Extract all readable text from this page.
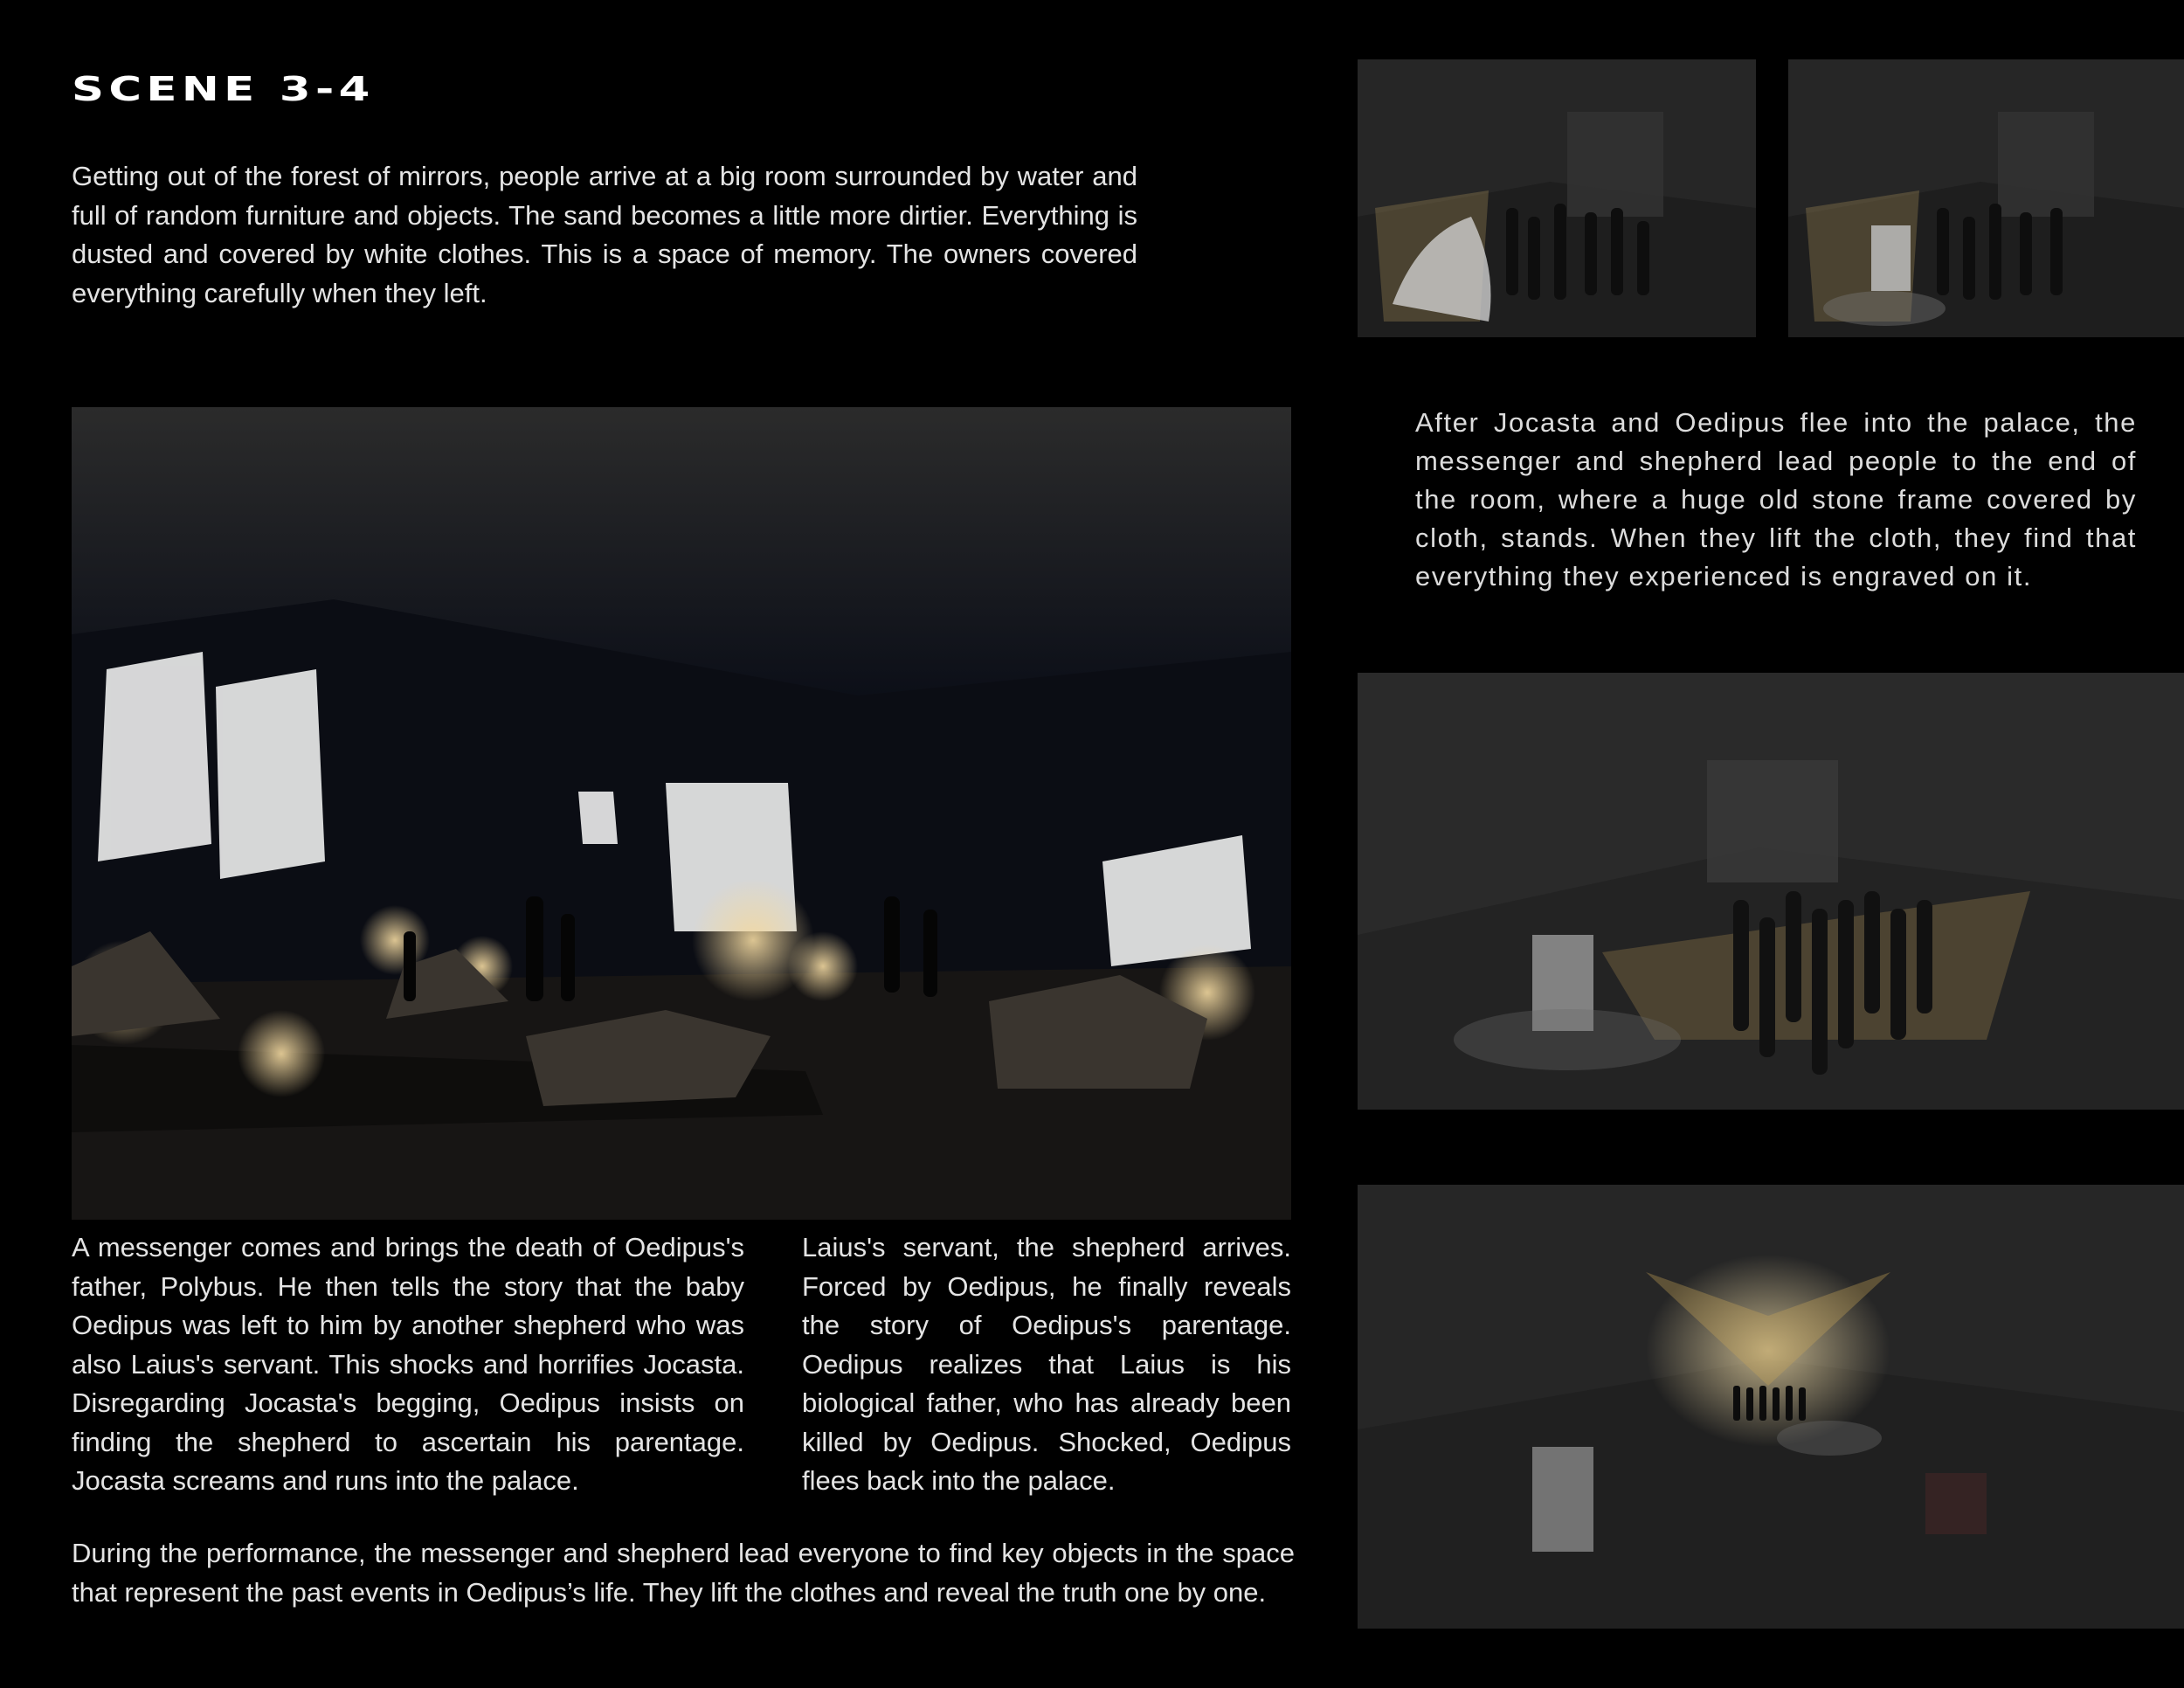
SCENE 3-4

Getting out of the forest of mirrors, people arrive at a big room surrounded by water and full of random furniture and objects. The sand becomes a little more dirtier. Everything is dusted and covered by white clothes. This is a space of memory. The owners covered everything carefully when they left.

A messenger comes and brings the death of Oedipus's father, Polybus. He then tells the story that the baby Oedipus was left to him by another shepherd who was also Laius's servant. This shocks and horrifies Jocasta. Disregarding Jocasta's begging, Oedipus insists on finding the shepherd to ascertain his parentage. Jocasta screams and runs into the palace.

Laius's servant, the shepherd arrives. Forced by Oedipus, he finally reveals the story of Oedipus's parentage. Oedipus realizes that Laius is his biological father, who has already been killed by Oedipus. Shocked, Oedipus flees back into the palace.

During the performance, the messenger and shepherd lead everyone to find key objects in the space that represent the past events in Oedipus’s life. They lift the clothes and reveal the truth one by one.

After Jocasta and Oedipus flee into the palace, the messenger and shepherd lead people to the end of the room, where a huge old stone frame covered by cloth, stands. When they lift the cloth, they find that everything they experienced is engraved on it.
